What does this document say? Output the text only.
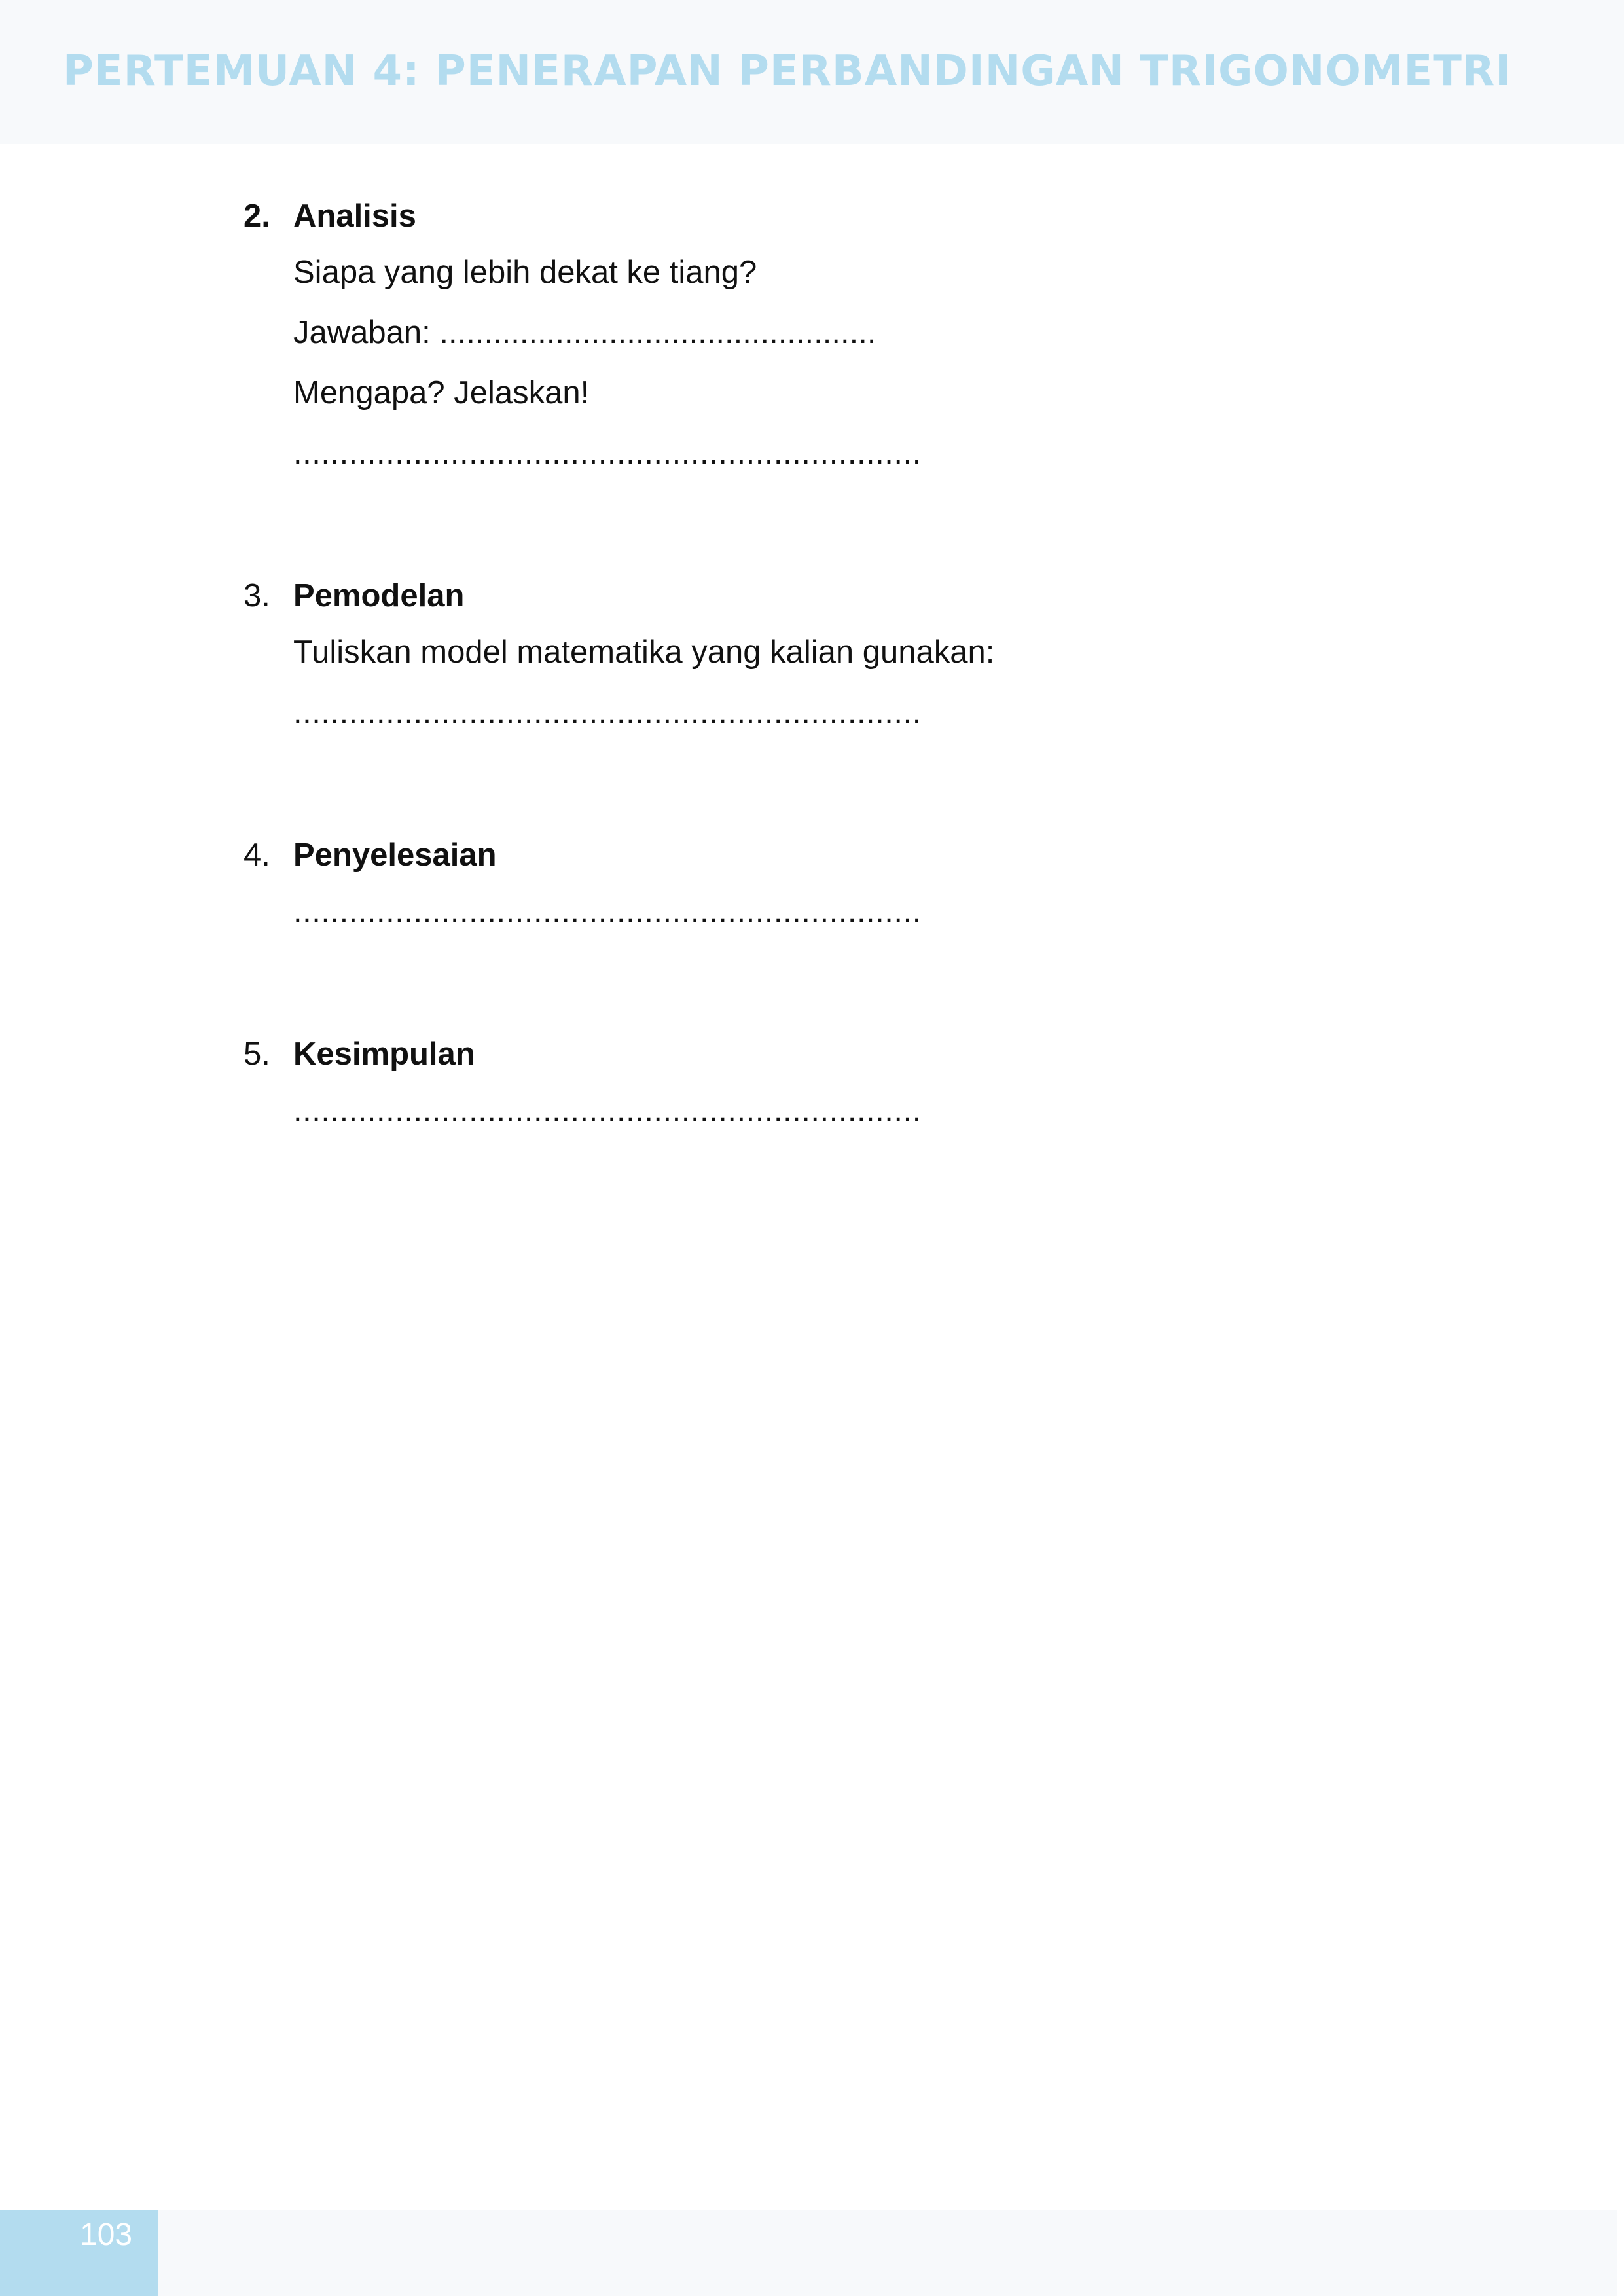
PERTEMUAN 4: PENERAPAN PERBANDINGAN TRIGONOMETRI
2. Analisis
Siapa yang lebih dekat ke tiang?
Jawaban: .................................................
Mengapa? Jelaskan!
....................................................................
3. Pemodelan
Tuliskan model matematika yang kalian gunakan:
....................................................................
4. Penyelesaian
....................................................................
5. Kesimpulan
....................................................................
103
